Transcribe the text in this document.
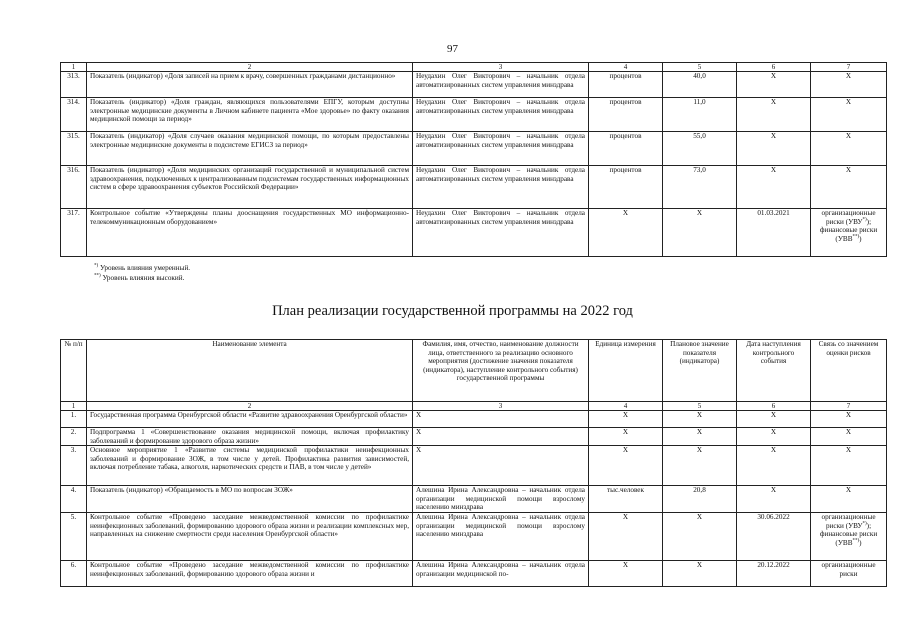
97
1	2	3	4	5	6	7
313.	Показатель (индикатор) «Доля записей на прием к врачу, совершенных гражданами дистанционно»	Неудахин Олег Викторович – начальник отдела автоматизированных систем управления минздрава	процентов	40,0	X	X
314.	Показатель (индикатор) «Доля граждан, являющихся пользователями ЕПГУ, которым доступны электронные медицинские документы в Личном кабинете пациента «Мое здоровье» по факту оказания медицинской помощи за период»	Неудахин Олег Викторович – начальник отдела автоматизированных систем управления минздрава	процентов	11,0	X	X
315.	Показатель (индикатор) «Доля случаев оказания медицинской помощи, по которым предоставлены электронные медицинские документы в подсистеме ЕГИСЗ за период»	Неудахин Олег Викторович – начальник отдела автоматизированных систем управления минздрава	процентов	55,0	X	X
316.	Показатель (индикатор) «Доля медицинских организаций государственной и муниципальной систем здравоохранения, подключенных к централизованным подсистемам государственных информационных систем в сфере здравоохранения субъектов Российской Федерации»	Неудахин Олег Викторович – начальник отдела автоматизированных систем управления минздрава	процентов	73,0	X	X
317.	Контрольное событие «Утверждены планы дооснащения государственных МО информационно-телекоммуникационным оборудованием»	Неудахин Олег Викторович – начальник отдела автоматизированных систем управления минздрава	X	X	01.03.2021	организационные риски (УВУ*)); финансовые риски (УВВ**))
*) Уровень влияния умеренный.
**) Уровень влияния высокий.
План реализации государственной программы на 2022 год
№ п/п	Наименование элемента	Фамилия, имя, отчество, наименование должности лица, ответственного за реализацию основного мероприятия (достижение значения показателя (индикатора), наступление контрольного события) государственной программы	Единица измерения	Плановое значение показателя (индикатора)	Дата наступления контрольного события	Связь со значением оценки рисков
1	2	3	4	5	6	7
1.	Государственная программа Оренбургской области «Развитие здравоохранения Оренбургской области»	X	X	X	X	X
2.	Подпрограмма 1 «Совершенствование оказания медицинской помощи, включая профилактику заболеваний и формирование здорового образа жизни»	X	X	X	X	X
3.	Основное мероприятие 1 «Развитие системы медицинской профилактики неинфекционных заболеваний и формирование ЗОЖ, в том числе у детей. Профилактика развития зависимостей, включая потребление табака, алкоголя, наркотических средств и ПАВ, в том числе у детей»	X	X	X	X	X
4.	Показатель (индикатор) «Обращаемость в МО по вопросам ЗОЖ»	Алешина Ирина Александровна – начальник отдела организации медицинской помощи взрослому населению минздрава	тыс.человек	20,8	X	X
5.	Контрольное событие «Проведено заседание межведомственной комиссии по профилактике неинфекционных заболеваний, формированию здорового образа жизни и реализации комплексных мер, направленных на снижение смертности среди населения Оренбургской области»	Алешина Ирина Александровна – начальник отдела организации медицинской помощи взрослому населению минздрава	X	X	30.06.2022	организационные риски (УВУ*)); финансовые риски (УВВ**))
6.	Контрольное событие «Проведено заседание межведомственной комиссии по профилактике неинфекционных заболеваний, формированию здорового образа жизни и	Алешина Ирина Александровна – начальник отдела организации медицинской по-	X	X	20.12.2022	организационные риски
